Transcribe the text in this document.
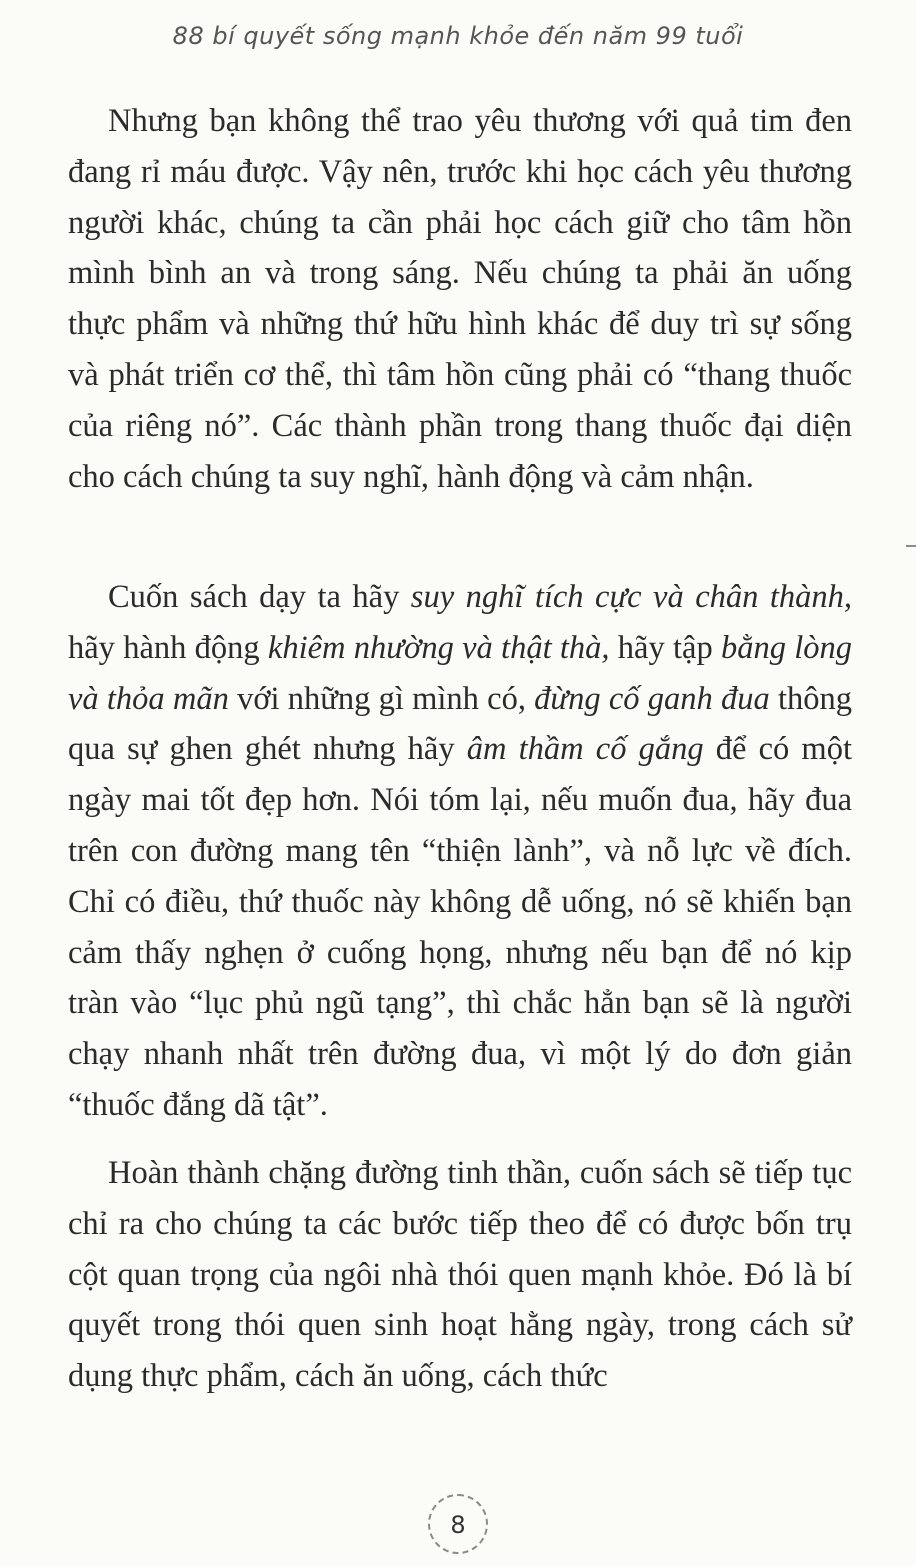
88 bí quyết sống mạnh khỏe đến năm 99 tuổi

Nhưng bạn không thể trao yêu thương với quả tim đen đang rỉ máu được. Vậy nên, trước khi học cách yêu thương người khác, chúng ta cần phải học cách giữ cho tâm hồn mình bình an và trong sáng. Nếu chúng ta phải ăn uống thực phẩm và những thứ hữu hình khác để duy trì sự sống và phát triển cơ thể, thì tâm hồn cũng phải có “thang thuốc của riêng nó”. Các thành phần trong thang thuốc đại diện cho cách chúng ta suy nghĩ, hành động và cảm nhận.

Cuốn sách dạy ta hãy suy nghĩ tích cực và chân thành, hãy hành động khiêm nhường và thật thà, hãy tập bằng lòng và thỏa mãn với những gì mình có, đừng cố ganh đua thông qua sự ghen ghét nhưng hãy âm thầm cố gắng để có một ngày mai tốt đẹp hơn. Nói tóm lại, nếu muốn đua, hãy đua trên con đường mang tên “thiện lành”, và nỗ lực về đích. Chỉ có điều, thứ thuốc này không dễ uống, nó sẽ khiến bạn cảm thấy nghẹn ở cuống họng, nhưng nếu bạn để nó kịp tràn vào “lục phủ ngũ tạng”, thì chắc hẳn bạn sẽ là người chạy nhanh nhất trên đường đua, vì một lý do đơn giản “thuốc đắng dã tật”.

Hoàn thành chặng đường tinh thần, cuốn sách sẽ tiếp tục chỉ ra cho chúng ta các bước tiếp theo để có được bốn trụ cột quan trọng của ngôi nhà thói quen mạnh khỏe. Đó là bí quyết trong thói quen sinh hoạt hằng ngày, trong cách sử dụng thực phẩm, cách ăn uống, cách thức

8
